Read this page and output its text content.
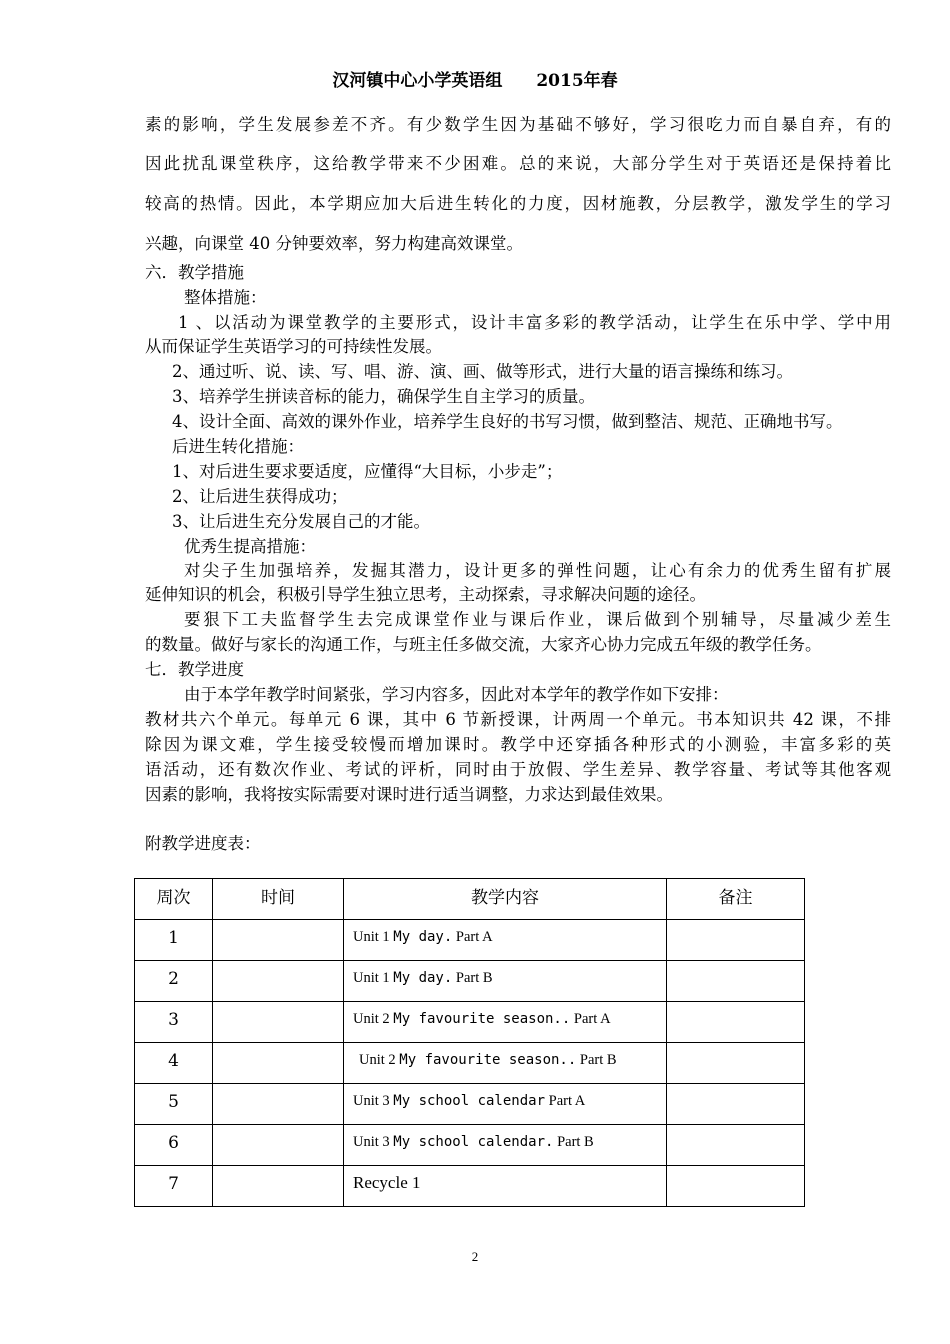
汉河镇中心小学英语组 2015年春
素的影响，学生发展参差不齐。有少数学生因为基础不够好，学习很吃力而自暴自弃，有的
因此扰乱课堂秩序，这给教学带来不少困难。总的来说，大部分学生对于英语还是保持着比
较高的热情。因此，本学期应加大后进生转化的力度，因材施教，分层教学，激发学生的学习
兴趣，向课堂 40 分钟要效率，努力构建高效课堂。
六．教学措施
整体措施：
1 、以活动为课堂教学的主要形式，设计丰富多彩的教学活动，让学生在乐中学、学中用
从而保证学生英语学习的可持续性发展。
2、通过听、说、读、写、唱、游、演、画、做等形式，进行大量的语言操练和练习。
3、培养学生拼读音标的能力，确保学生自主学习的质量。
4、设计全面、高效的课外作业，培养学生良好的书写习惯，做到整洁、规范、正确地书写。
后进生转化措施：
1、对后进生要求要适度，应懂得“大目标，小步走”；
2、让后进生获得成功；
3、让后进生充分发展自己的才能。
优秀生提高措施：
对尖子生加强培养，发掘其潜力，设计更多的弹性问题，让心有余力的优秀生留有扩展
延伸知识的机会，积极引导学生独立思考，主动探索，寻求解决问题的途径。
要狠下工夫监督学生去完成课堂作业与课后作业，课后做到个别辅导，尽量减少差生
的数量。做好与家长的沟通工作，与班主任多做交流，大家齐心协力完成五年级的教学任务。
七．教学进度
由于本学年教学时间紧张，学习内容多，因此对本学年的教学作如下安排：
教材共六个单元。每单元 6 课，其中 6 节新授课，计两周一个单元。书本知识共 42 课，不排
除因为课文难，学生接受较慢而增加课时。教学中还穿插各种形式的小测验，丰富多彩的英
语活动，还有数次作业、考试的评析，同时由于放假、学生差异、教学容量、考试等其他客观
因素的影响，我将按实际需要对课时进行适当调整，力求达到最佳效果。
附教学进度表：
周次	时间	教学内容	备注

1		Unit 1 My day. Part A	

2		Unit 1 My day. Part B	

3		Unit 2 My favourite season.. Part A	

4		Unit 2 My favourite season.. Part B	

5		Unit 3 My school calendar Part A	

6		Unit 3 My school calendar. Part B	

7		Recycle 1	

2
